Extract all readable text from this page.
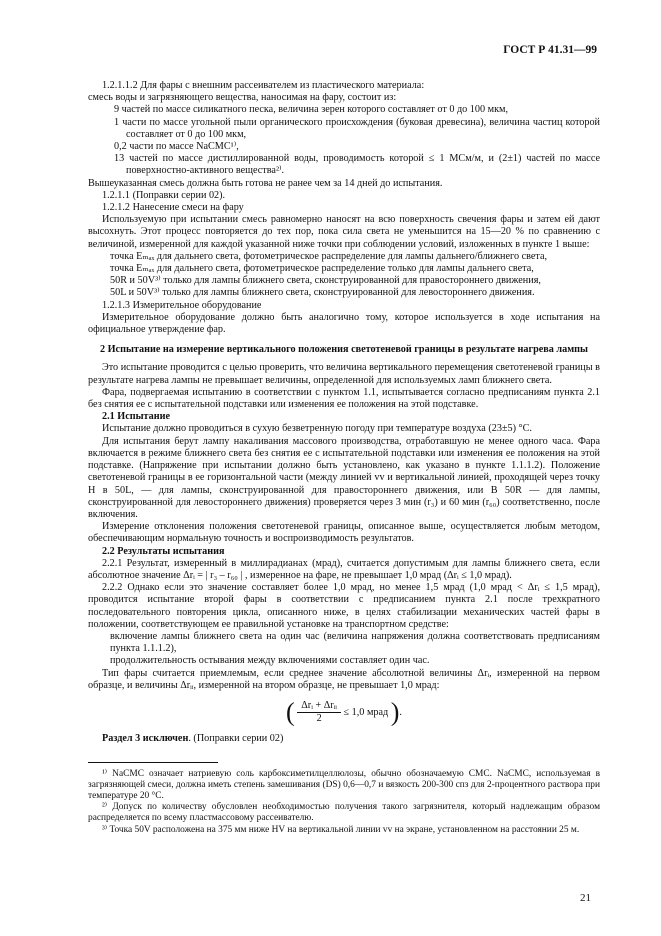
ГОСТ Р 41.31—99

1.2.1.1.2 Для фары с внешним рассеивателем из пластического материала:

смесь воды и загрязняющего вещества, наносимая на фару, состоит из:

9 частей по массе силикатного песка, величина зерен которого составляет от 0 до 100 мкм,

1 части по массе угольной пыли органического происхождения (буковая древесина), величина частиц которой составляет от 0 до 100 мкм,

0,2 части по массе NaCMC¹⁾,

13 частей по массе дистиллированной воды, проводимость которой ≤ 1 МСм/м, и (2±1) частей по массе поверхностно-активного вещества²⁾.

Вышеуказанная смесь должна быть готова не ранее чем за 14 дней до испытания.

1.2.1.1 (Поправки серии 02).

1.2.1.2 Нанесение смеси на фару

Используемую при испытании смесь равномерно наносят на всю поверхность свечения фары и затем ей дают высохнуть. Этот процесс повторяется до тех пор, пока сила света не уменьшится на 15—20 % по сравнению с величиной, измеренной для каждой указанной ниже точки при соблюдении условий, изложенных в пункте 1 выше:

точка Eₘₐₓ для дальнего света, фотометрическое распределение для лампы дальнего/ближнего света,

точка Eₘₐₓ для дальнего света, фотометрическое распределение только для лампы дальнего света,

50R и 50V³⁾ только для лампы ближнего света, сконструированной для правостороннего движения,

50L и 50V³⁾ только для лампы ближнего света, сконструированной для левостороннего движения.

1.2.1.3 Измерительное оборудование

Измерительное оборудование должно быть аналогично тому, которое используется в ходе испытания на официальное утверждение фар.

2 Испытание на измерение вертикального положения светотеневой границы в результате нагрева лампы

Это испытание проводится с целью проверить, что величина вертикального перемещения светотеневой границы в результате нагрева лампы не превышает величины, определенной для используемых ламп ближнего света.

Фара, подвергаемая испытанию в соответствии с пунктом 1.1, испытывается согласно предписаниям пункта 2.1 без снятия ее с испытательной подставки или изменения ее положения на этой подставке.

2.1 Испытание

Испытание должно проводиться в сухую безветренную погоду при температуре воздуха (23±5) °С.

Для испытания берут лампу накаливания массового производства, отработавшую не менее одного часа. Фара включается в режиме ближнего света без снятия ее с испытательной подставки или изменения ее положения на этой подставке. (Напряжение при испытании должно быть установлено, как указано в пункте 1.1.1.2). Положение светотеневой границы в ее горизонтальной части (между линией vv и вертикальной линией, проходящей через точку H в 50L, — для лампы, сконструированной для правостороннего движения, или В 50R — для лампы, сконструированной для левостороннего движения) проверяется через 3 мин (r₃) и 60 мин (r₆₀) соответственно, после включения.

Измерение отклонения положения светотеневой границы, описанное выше, осуществляется любым методом, обеспечивающим нормальную точность и воспроизводимость результатов.

2.2 Результаты испытания

2.2.1 Результат, измеренный в миллирадианах (мрад), считается допустимым для лампы ближнего света, если абсолютное значение Δrᵢ = | r₃ – r₆₀ | , измеренное на фаре, не превышает 1,0 мрад (Δrᵢ ≤ 1,0 мрад).

2.2.2 Однако если это значение составляет более 1,0 мрад, но менее 1,5 мрад (1,0 мрад < Δrᵢ ≤ 1,5 мрад), проводится испытание второй фары в соответствии с предписанием пункта 2.1 после трехкратного последовательного повторения цикла, описанного ниже, в целях стабилизации механических частей фары в положении, соответствующем ее правильной установке на транспортном средстве:

включение лампы ближнего света на один час (величина напряжения должна соответствовать предписаниям пункта 1.1.1.2),

продолжительность остывания между включениями составляет один час.

Тип фары считается приемлемым, если среднее значение абсолютной величины Δrᵢ, измеренной на первом образце, и величины Δrᵢᵢ, измеренной на втором образце, не превышает 1,0 мрад:

( $\frac{\text{Δrᵢ + Δrᵢᵢ}}{2} \le 1,0$ мрад ).

Раздел 3 исключен. (Поправки серии 02)

¹⁾ NaCMC означает натриевую соль карбоксиметилцеллюлозы, обычно обозначаемую CMC. NaCMC, используемая в загрязняющей смеси, должна иметь степень замешивания (DS) 0,6—0,7 и вязкость 200-300 спз для 2-процентного раствора при температуре 20 °С.

²⁾ Допуск по количеству обусловлен необходимостью получения такого загрязнителя, который надлежащим образом распределяется по всему пластмассовому рассеивателю.

³⁾ Точка 50V расположена на 375 мм ниже HV на вертикальной линии vv на экране, установленном на расстоянии 25 м.

21
